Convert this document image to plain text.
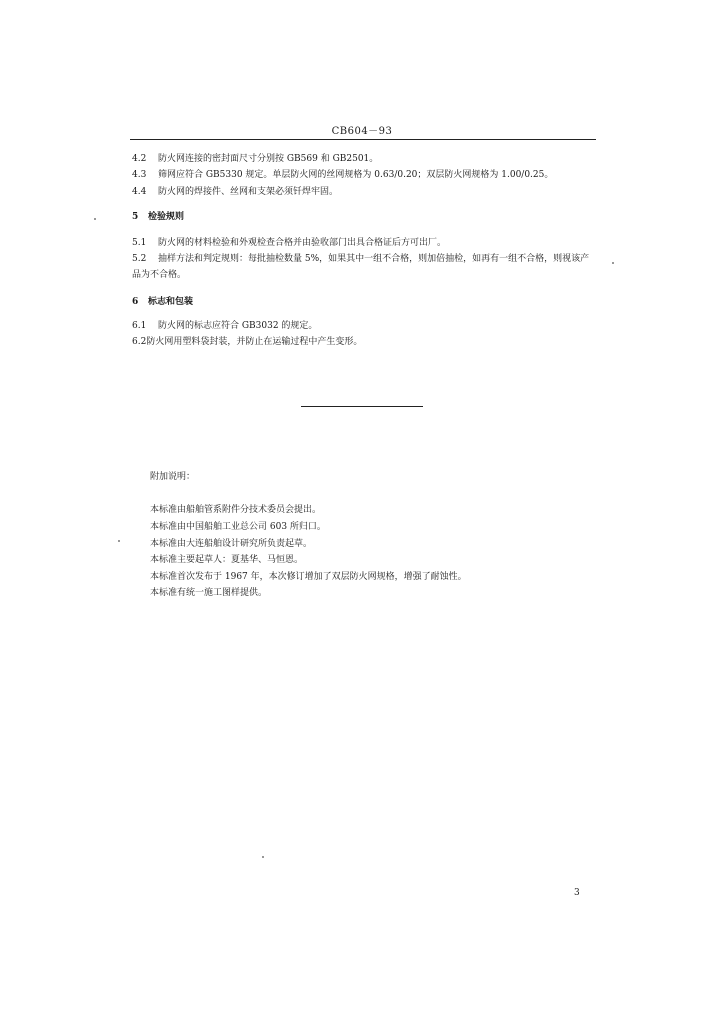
CB604－93
4.2 防火网连接的密封面尺寸分别按 GB569 和 GB2501。
4.3 筛网应符合 GB5330 规定。单层防火网的丝网规格为 0.63/0.20；双层防火网规格为 1.00/0.25。
4.4 防火网的焊接件、丝网和支架必须钎焊牢固。
5 检验规则
5.1 防火网的材料检验和外观检查合格并由验收部门出具合格证后方可出厂。
5.2 抽样方法和判定规则：每批抽检数量 5%，如果其中一组不合格，则加倍抽检，如再有一组不合格，则视该产品为不合格。
6 标志和包装
6.1 防火网的标志应符合 GB3032 的规定。
6.2防火网用塑料袋封装，并防止在运输过程中产生变形。
附加说明：
本标准由船舶管系附件分技术委员会提出。
本标准由中国船舶工业总公司 603 所归口。
本标准由大连船舶设计研究所负责起草。
本标准主要起草人：夏基华、马恒恩。
本标准首次发布于 1967 年，本次修订增加了双层防火网规格，增强了耐蚀性。
本标准有统一施工图样提供。
3
